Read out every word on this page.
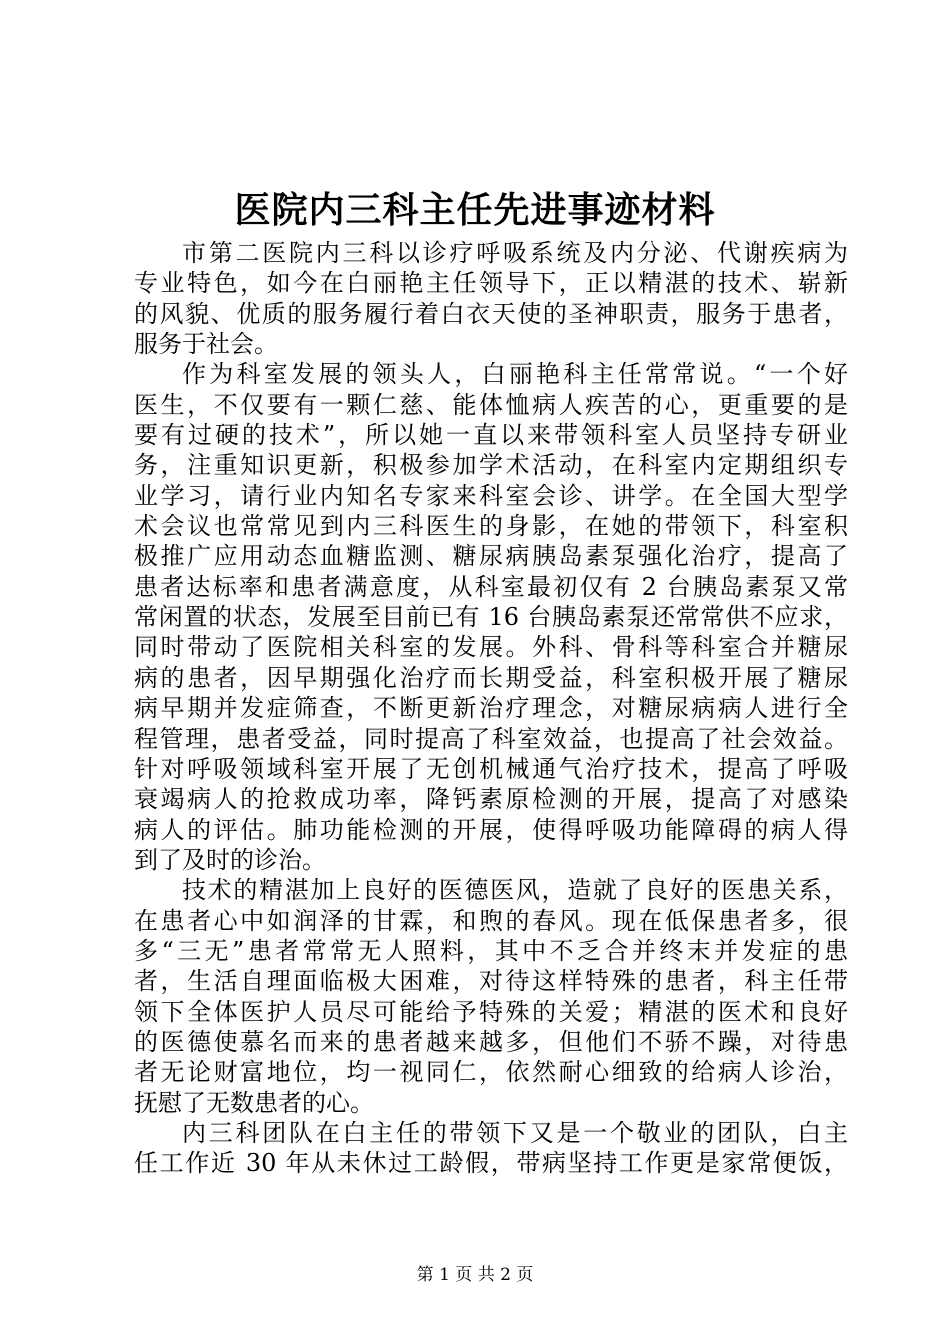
医院内三科主任先进事迹材料
市第二医院内三科以诊疗呼吸系统及内分泌、代谢疾病为
专业特色，如今在白丽艳主任领导下，正以精湛的技术、崭新
的风貌、优质的服务履行着白衣天使的圣神职责，服务于患者，
服务于社会。
作为科室发展的领头人，白丽艳科主任常常说。“一个好
医生，不仅要有一颗仁慈、能体恤病人疾苦的心，更重要的是
要有过硬的技术”，所以她一直以来带领科室人员坚持专研业
务，注重知识更新，积极参加学术活动，在科室内定期组织专
业学习，请行业内知名专家来科室会诊、讲学。在全国大型学
术会议也常常见到内三科医生的身影，在她的带领下，科室积
极推广应用动态血糖监测、糖尿病胰岛素泵强化治疗，提高了
患者达标率和患者满意度，从科室最初仅有 2 台胰岛素泵又常
常闲置的状态，发展至目前已有 16 台胰岛素泵还常常供不应求，
同时带动了医院相关科室的发展。外科、骨科等科室合并糖尿
病的患者，因早期强化治疗而长期受益，科室积极开展了糖尿
病早期并发症筛查，不断更新治疗理念，对糖尿病病人进行全
程管理，患者受益，同时提高了科室效益，也提高了社会效益。
针对呼吸领域科室开展了无创机械通气治疗技术，提高了呼吸
衰竭病人的抢救成功率，降钙素原检测的开展，提高了对感染
病人的评估。肺功能检测的开展，使得呼吸功能障碍的病人得
到了及时的诊治。
技术的精湛加上良好的医德医风，造就了良好的医患关系，
在患者心中如润泽的甘霖，和煦的春风。现在低保患者多，很
多“三无”患者常常无人照料，其中不乏合并终末并发症的患
者，生活自理面临极大困难，对待这样特殊的患者，科主任带
领下全体医护人员尽可能给予特殊的关爱；精湛的医术和良好
的医德使慕名而来的患者越来越多，但他们不骄不躁，对待患
者无论财富地位，均一视同仁，依然耐心细致的给病人诊治，
抚慰了无数患者的心。
内三科团队在白主任的带领下又是一个敬业的团队，白主
任工作近 30 年从未休过工龄假，带病坚持工作更是家常便饭，
第 1 页 共 2 页
